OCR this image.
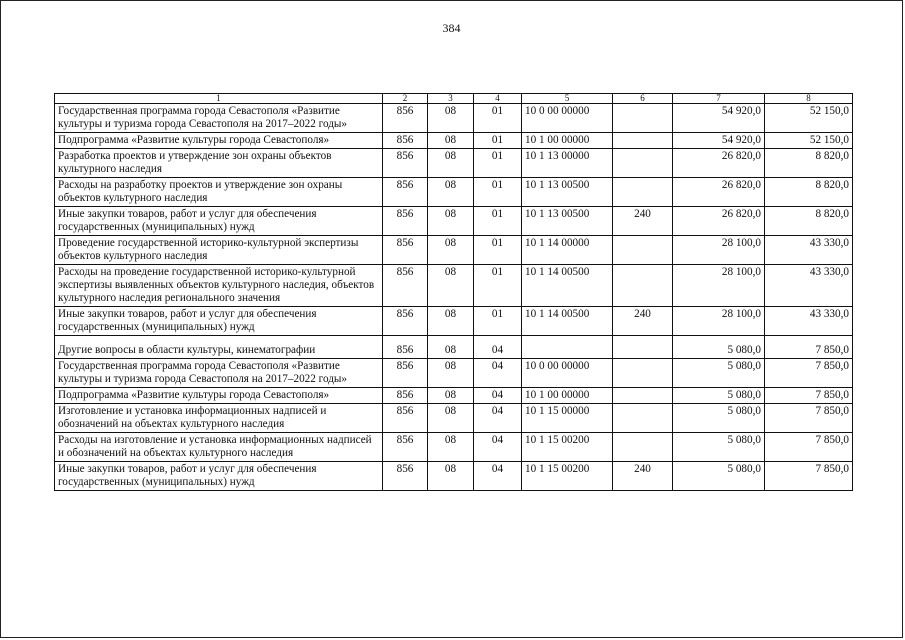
384
1	2	3	4	5	6	7	8
Государственная программа города Севастополя «Развитие культуры и туризма города Севастополя на 2017–2022 годы»	856	08	01	10 0 00 00000		54 920,0	52 150,0
Подпрограмма «Развитие культуры города Севастополя»	856	08	01	10 1 00 00000		54 920,0	52 150,0
Разработка проектов и утверждение зон охраны объектов культурного наследия	856	08	01	10 1 13 00000		26 820,0	8 820,0
Расходы на разработку проектов и утверждение зон охраны объектов культурного наследия	856	08	01	10 1 13 00500		26 820,0	8 820,0
Иные закупки товаров, работ и услуг для обеспечения государственных (муниципальных) нужд	856	08	01	10 1 13 00500	240	26 820,0	8 820,0
Проведение государственной историко-культурной экспертизы объектов культурного наследия	856	08	01	10 1 14 00000		28 100,0	43 330,0
Расходы на проведение государственной историко-культурной экспертизы выявленных объектов культурного наследия, объектов культурного наследия регионального значения	856	08	01	10 1 14 00500		28 100,0	43 330,0
Иные закупки товаров, работ и услуг для обеспечения государственных (муниципальных) нужд	856	08	01	10 1 14 00500	240	28 100,0	43 330,0
Другие вопросы в области культуры, кинематографии	856	08	04			5 080,0	7 850,0
Государственная программа города Севастополя «Развитие культуры и туризма города Севастополя на 2017–2022 годы»	856	08	04	10 0 00 00000		5 080,0	7 850,0
Подпрограмма «Развитие культуры города Севастополя»	856	08	04	10 1 00 00000		5 080,0	7 850,0
Изготовление и установка информационных надписей и обозначений на объектах культурного наследия	856	08	04	10 1 15 00000		5 080,0	7 850,0
Расходы на изготовление и установка информационных надписей и обозначений на объектах культурного наследия	856	08	04	10 1 15 00200		5 080,0	7 850,0
Иные закупки товаров, работ и услуг для обеспечения государственных (муниципальных) нужд	856	08	04	10 1 15 00200	240	5 080,0	7 850,0
